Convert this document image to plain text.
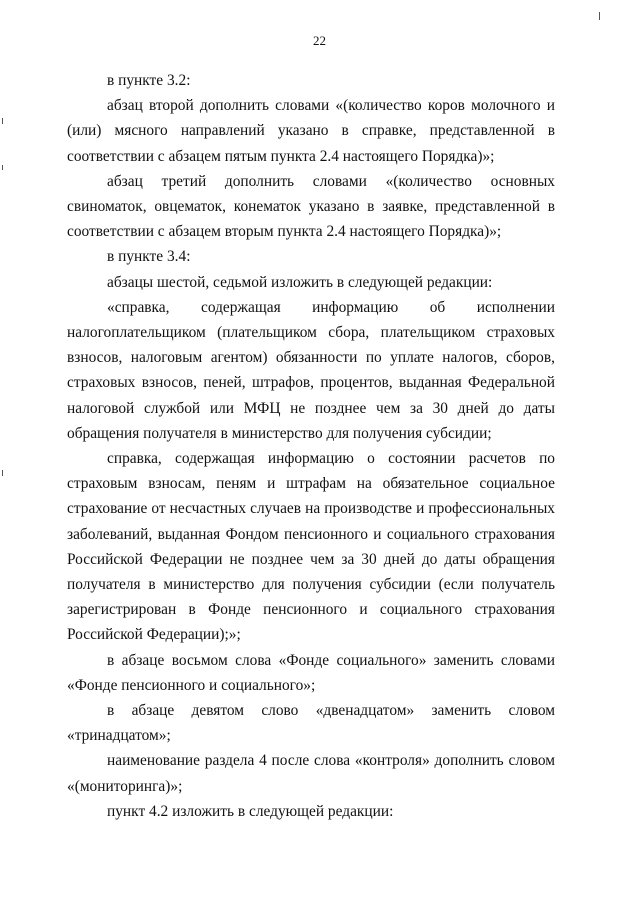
22

в пункте 3.2:

абзац второй дополнить словами «(количество коров молочного и (или) мясного направлений указано в справке, представленной в соответствии с абзацем пятым пункта 2.4 настоящего Порядка)»;

абзац третий дополнить словами «(количество основных свиноматок, овцематок, конематок указано в заявке, представленной в соответствии с абзацем вторым пункта 2.4 настоящего Порядка)»;

в пункте 3.4:

абзацы шестой, седьмой изложить в следующей редакции:

«справка, содержащая информацию об исполнении налогоплательщиком (плательщиком сбора, плательщиком страховых взносов, налоговым агентом) обязанности по уплате налогов, сборов, страховых взносов, пеней, штрафов, процентов, выданная Федеральной налоговой службой или МФЦ не позднее чем за 30 дней до даты обращения получателя в министерство для получения субсидии;

справка, содержащая информацию о состоянии расчетов по страховым взносам, пеням и штрафам на обязательное социальное страхование от несчастных случаев на производстве и профессиональных заболеваний, выданная Фондом пенсионного и социального страхования Российской Федерации не позднее чем за 30 дней до даты обращения получателя в министерство для получения субсидии (если получатель зарегистрирован в Фонде пенсионного и социального страхования Российской Федерации);»;

в абзаце восьмом слова «Фонде социального» заменить словами «Фонде пенсионного и социального»;

в абзаце девятом слово «двенадцатом» заменить словом «тринадцатом»;

наименование раздела 4 после слова «контроля» дополнить словом «(мониторинга)»;

пункт 4.2 изложить в следующей редакции:
